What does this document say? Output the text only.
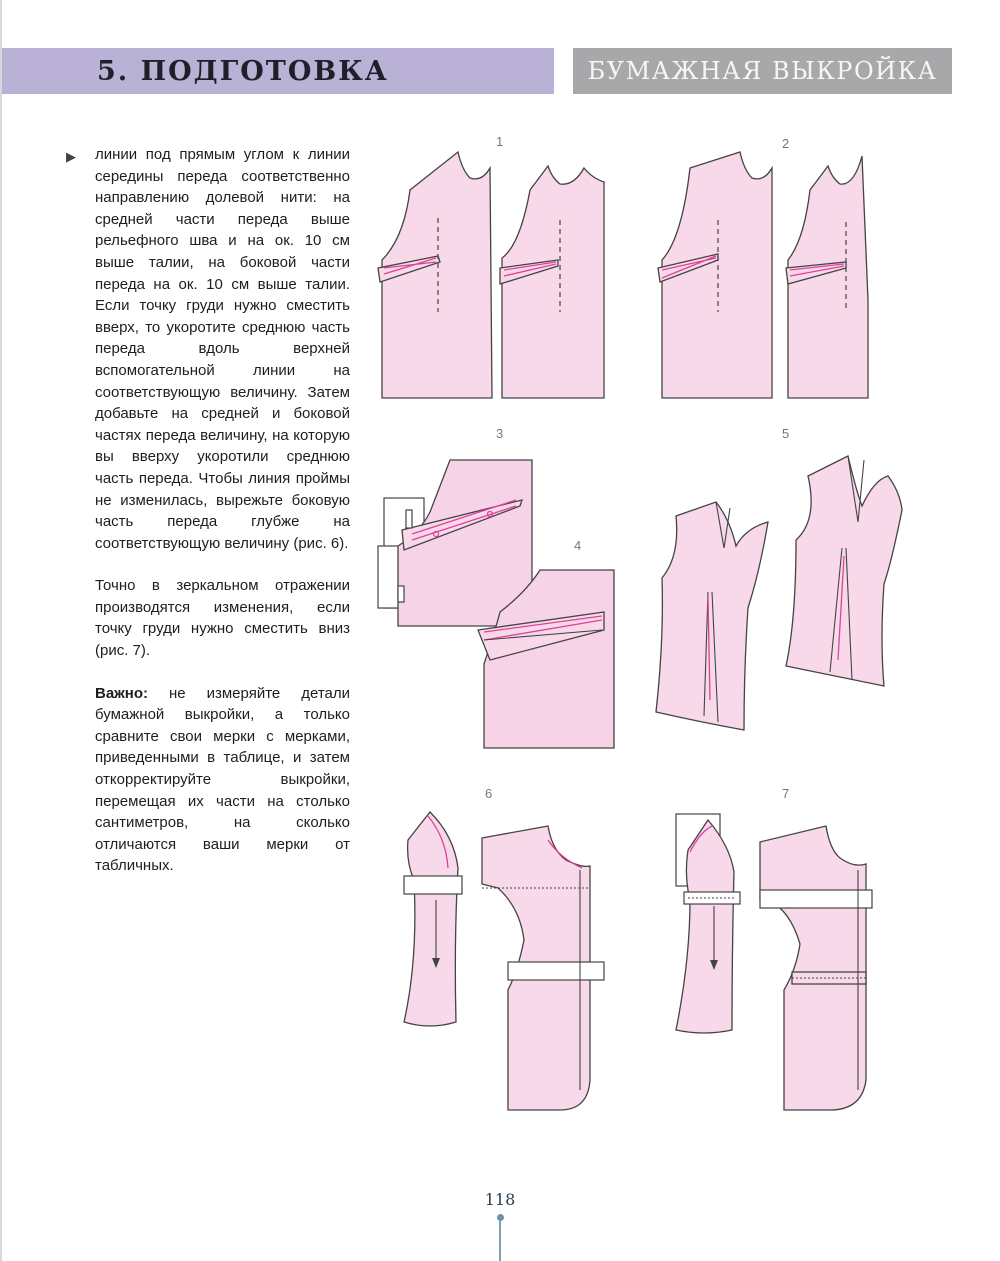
5. ПОДГОТОВКА	БУМАЖНАЯ ВЫКРОЙКА
▶ линии под прямым углом к линии середины переда соответственно направлению долевой нити: на средней части переда выше рельефного шва и на ок. 10 см выше талии, на боковой части переда на ок. 10 см выше талии. Если точку груди нужно сместить вверх, то укоротите среднюю часть переда вдоль верхней вспомогательной линии на соответствующую величину. Затем добавьте на средней и боковой частях переда величину, на которую вы вверху укоротили среднюю часть переда. Чтобы линия проймы не изменилась, вырежьте боковую часть переда глубже на соответствующую величину (рис. 6).

Точно в зеркальном отражении производятся изменения, если точку груди нужно сместить вниз (рис. 7).

Важно: не измеряйте детали бумажной выкройки, а только сравните свои мерки с мерками, приведенными в таблице, и затем откорректируйте выкройки, перемещая их части на столько сантиметров, на сколько отличаются ваши мерки от табличных.

1	2
3	5
4
6	7
118
